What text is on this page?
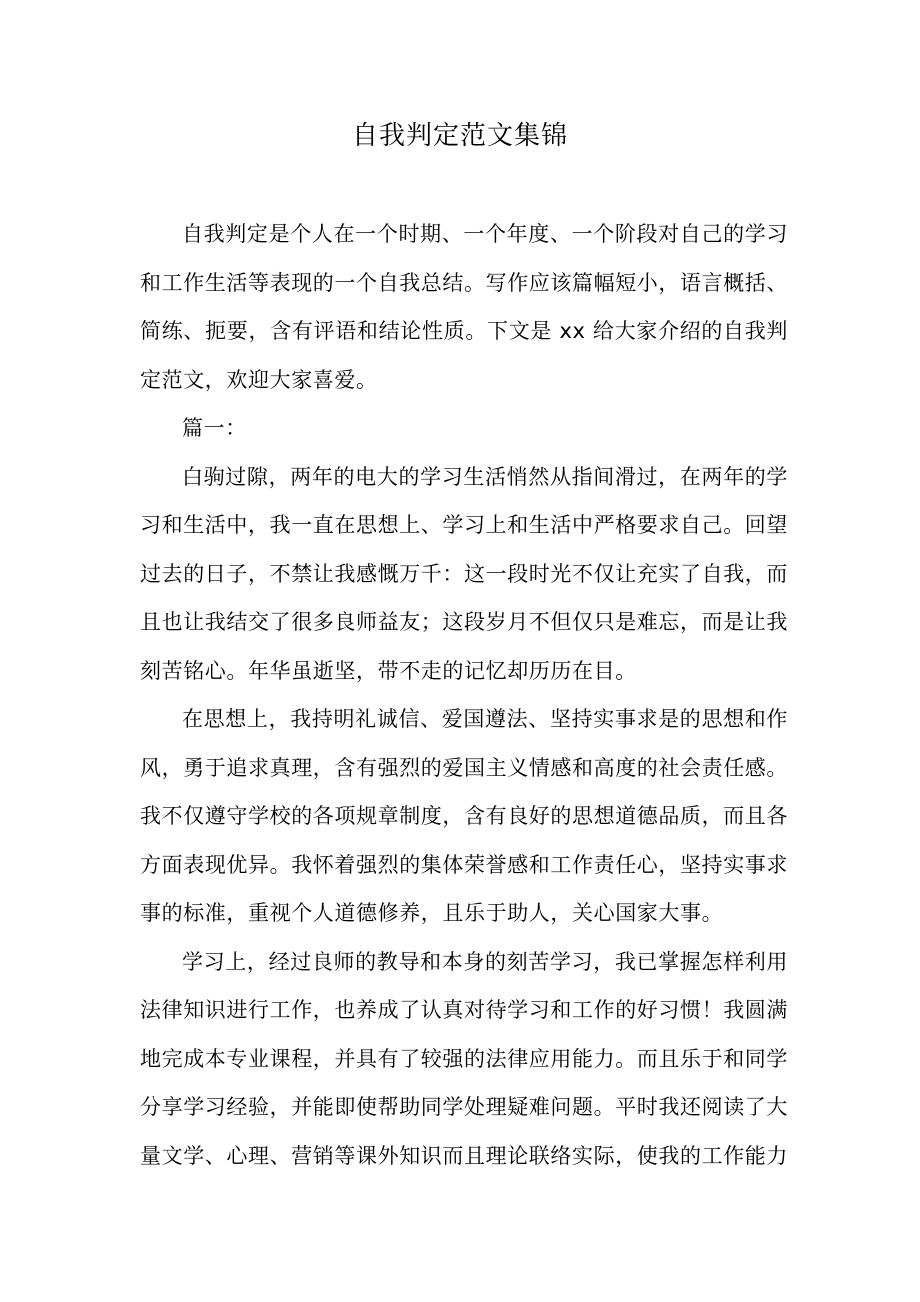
自我判定范文集锦

自我判定是个人在一个时期、一个年度、一个阶段对自己的学习和工作生活等表现的一个自我总结。写作应该篇幅短小，语言概括、简练、扼要，含有评语和结论性质。下文是 xx 给大家介绍的自我判定范文，欢迎大家喜爱。

篇一：

白驹过隙，两年的电大的学习生活悄然从指间滑过，在两年的学习和生活中，我一直在思想上、学习上和生活中严格要求自己。回望过去的日子，不禁让我感慨万千：这一段时光不仅让充实了自我，而且也让我结交了很多良师益友；这段岁月不但仅只是难忘，而是让我刻苦铭心。年华虽逝坚，带不走的记忆却历历在目。

在思想上，我持明礼诚信、爱国遵法、坚持实事求是的思想和作风，勇于追求真理，含有强烈的爱国主义情感和高度的社会责任感。我不仅遵守学校的各项规章制度，含有良好的思想道德品质，而且各方面表现优异。我怀着强烈的集体荣誉感和工作责任心，坚持实事求事的标准，重视个人道德修养，且乐于助人，关心国家大事。

学习上，经过良师的教导和本身的刻苦学习，我已掌握怎样利用法律知识进行工作，也养成了认真对待学习和工作的好习惯！我圆满地完成本专业课程，并具有了较强的法律应用能力。而且乐于和同学分享学习经验，并能即使帮助同学处理疑难问题。平时我还阅读了大量文学、心理、营销等课外知识而且理论联络实际，使我的工作能力
